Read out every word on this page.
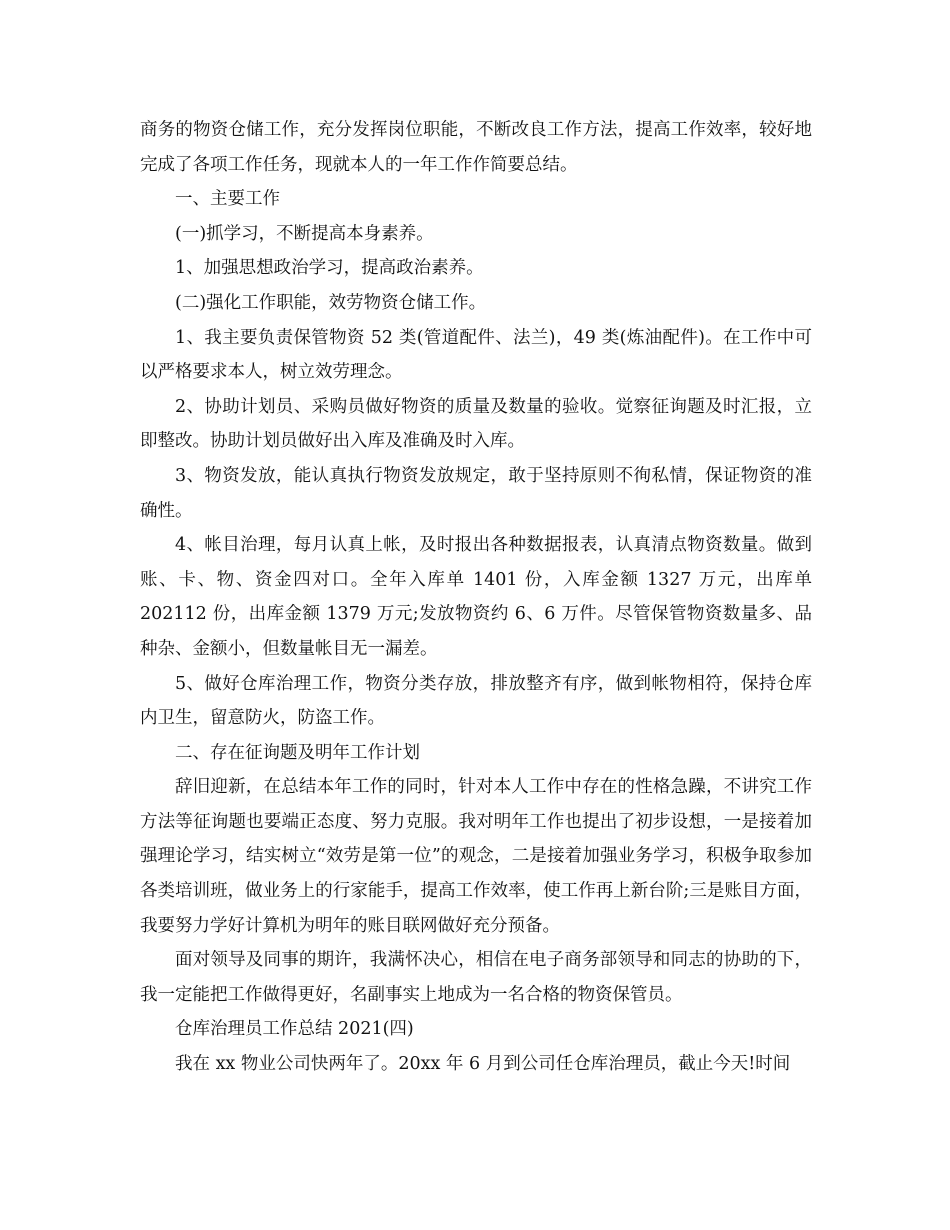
商务的物资仓储工作，充分发挥岗位职能，不断改良工作方法，提高工作效率，较好地完成了各项工作任务，现就本人的一年工作作简要总结。

一、主要工作

(一)抓学习，不断提高本身素养。

1、加强思想政治学习，提高政治素养。

(二)强化工作职能，效劳物资仓储工作。

1、我主要负责保管物资 52 类(管道配件、法兰)，49 类(炼油配件)。在工作中可以严格要求本人，树立效劳理念。

2、协助计划员、采购员做好物资的质量及数量的验收。觉察征询题及时汇报，立即整改。协助计划员做好出入库及准确及时入库。

3、物资发放，能认真执行物资发放规定，敢于坚持原则不徇私情，保证物资的准确性。

4、帐目治理，每月认真上帐，及时报出各种数据报表，认真清点物资数量。做到账、卡、物、资金四对口。全年入库单 1401 份，入库金额 1327 万元，出库单 202112 份，出库金额 1379 万元;发放物资约 6、6 万件。尽管保管物资数量多、品种杂、金额小，但数量帐目无一漏差。

5、做好仓库治理工作，物资分类存放，排放整齐有序，做到帐物相符，保持仓库内卫生，留意防火，防盗工作。

二、存在征询题及明年工作计划

辞旧迎新，在总结本年工作的同时，针对本人工作中存在的性格急躁，不讲究工作方法等征询题也要端正态度、努力克服。我对明年工作也提出了初步设想，一是接着加强理论学习，结实树立“效劳是第一位”的观念，二是接着加强业务学习，积极争取参加各类培训班，做业务上的行家能手，提高工作效率，使工作再上新台阶;三是账目方面，我要努力学好计算机为明年的账目联网做好充分预备。

面对领导及同事的期许，我满怀决心，相信在电子商务部领导和同志的协助的下，我一定能把工作做得更好，名副事实上地成为一名合格的物资保管员。

仓库治理员工作总结 2021(四)

我在 xx 物业公司快两年了。20xx 年 6 月到公司任仓库治理员，截止今天!时间
